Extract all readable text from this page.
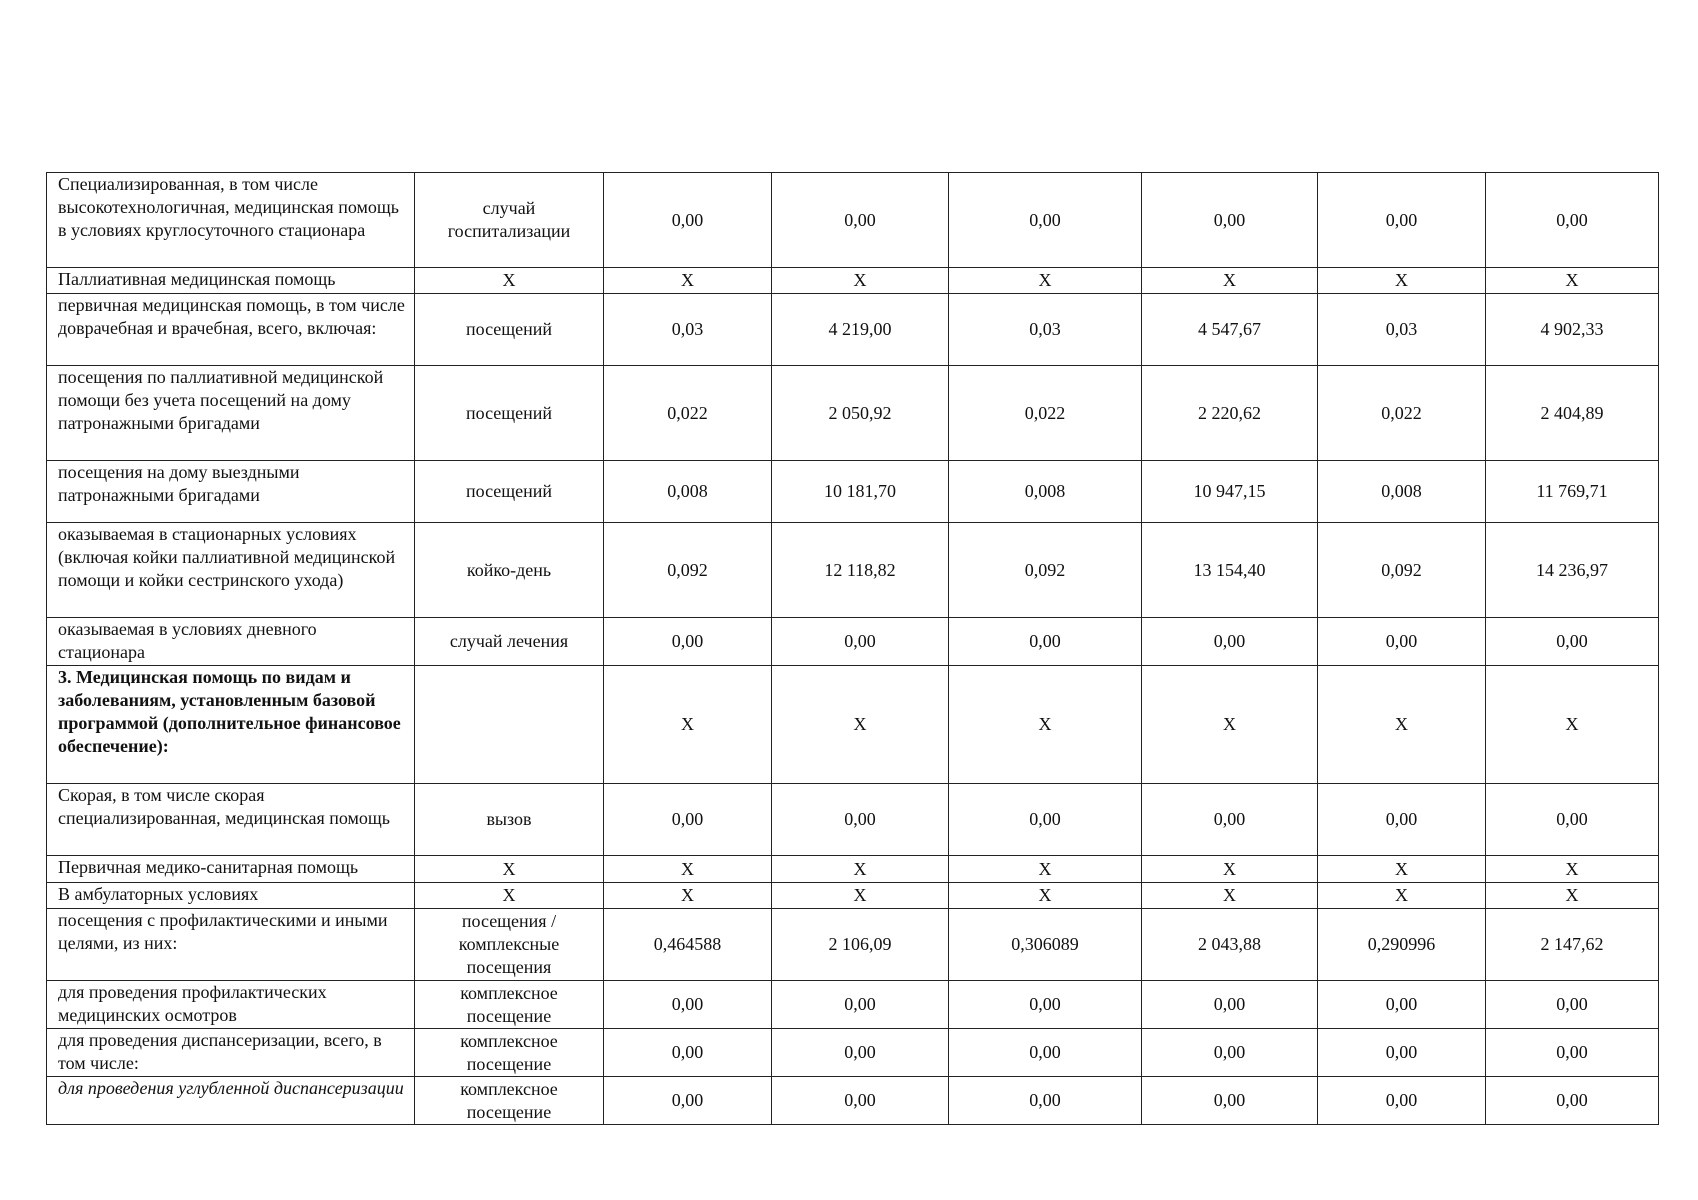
Специализированная, в том числе высокотехнологичная, медицинская помощь в условиях круглосуточного стационара	случай госпитализации	0,00	0,00	0,00	0,00	0,00	0,00
Паллиативная медицинская помощь	X	X	X	X	X	X	X
первичная медицинская помощь, в том числе доврачебная и врачебная, всего, включая:	посещений	0,03	4 219,00	0,03	4 547,67	0,03	4 902,33
посещения по паллиативной медицинской помощи без учета посещений на дому патронажными бригадами	посещений	0,022	2 050,92	0,022	2 220,62	0,022	2 404,89
посещения на дому выездными патронажными бригадами	посещений	0,008	10 181,70	0,008	10 947,15	0,008	11 769,71
оказываемая в стационарных условиях (включая койки паллиативной медицинской помощи и койки сестринского ухода)	койко-день	0,092	12 118,82	0,092	13 154,40	0,092	14 236,97
оказываемая в условиях дневного стационара	случай лечения	0,00	0,00	0,00	0,00	0,00	0,00
3. Медицинская помощь по видам и заболеваниям, установленным базовой программой (дополнительное финансовое обеспечение):		X	X	X	X	X	X
Скорая, в том числе скорая специализированная, медицинская помощь	вызов	0,00	0,00	0,00	0,00	0,00	0,00
Первичная медико-санитарная помощь	X	X	X	X	X	X	X
В амбулаторных условиях	X	X	X	X	X	X	X
посещения с профилактическими и иными целями, из них:	посещения / комплексные посещения	0,464588	2 106,09	0,306089	2 043,88	0,290996	2 147,62
для проведения профилактических медицинских осмотров	комплексное посещение	0,00	0,00	0,00	0,00	0,00	0,00
для проведения диспансеризации, всего, в том числе:	комплексное посещение	0,00	0,00	0,00	0,00	0,00	0,00
для проведения углубленной диспансеризации	комплексное посещение	0,00	0,00	0,00	0,00	0,00	0,00
